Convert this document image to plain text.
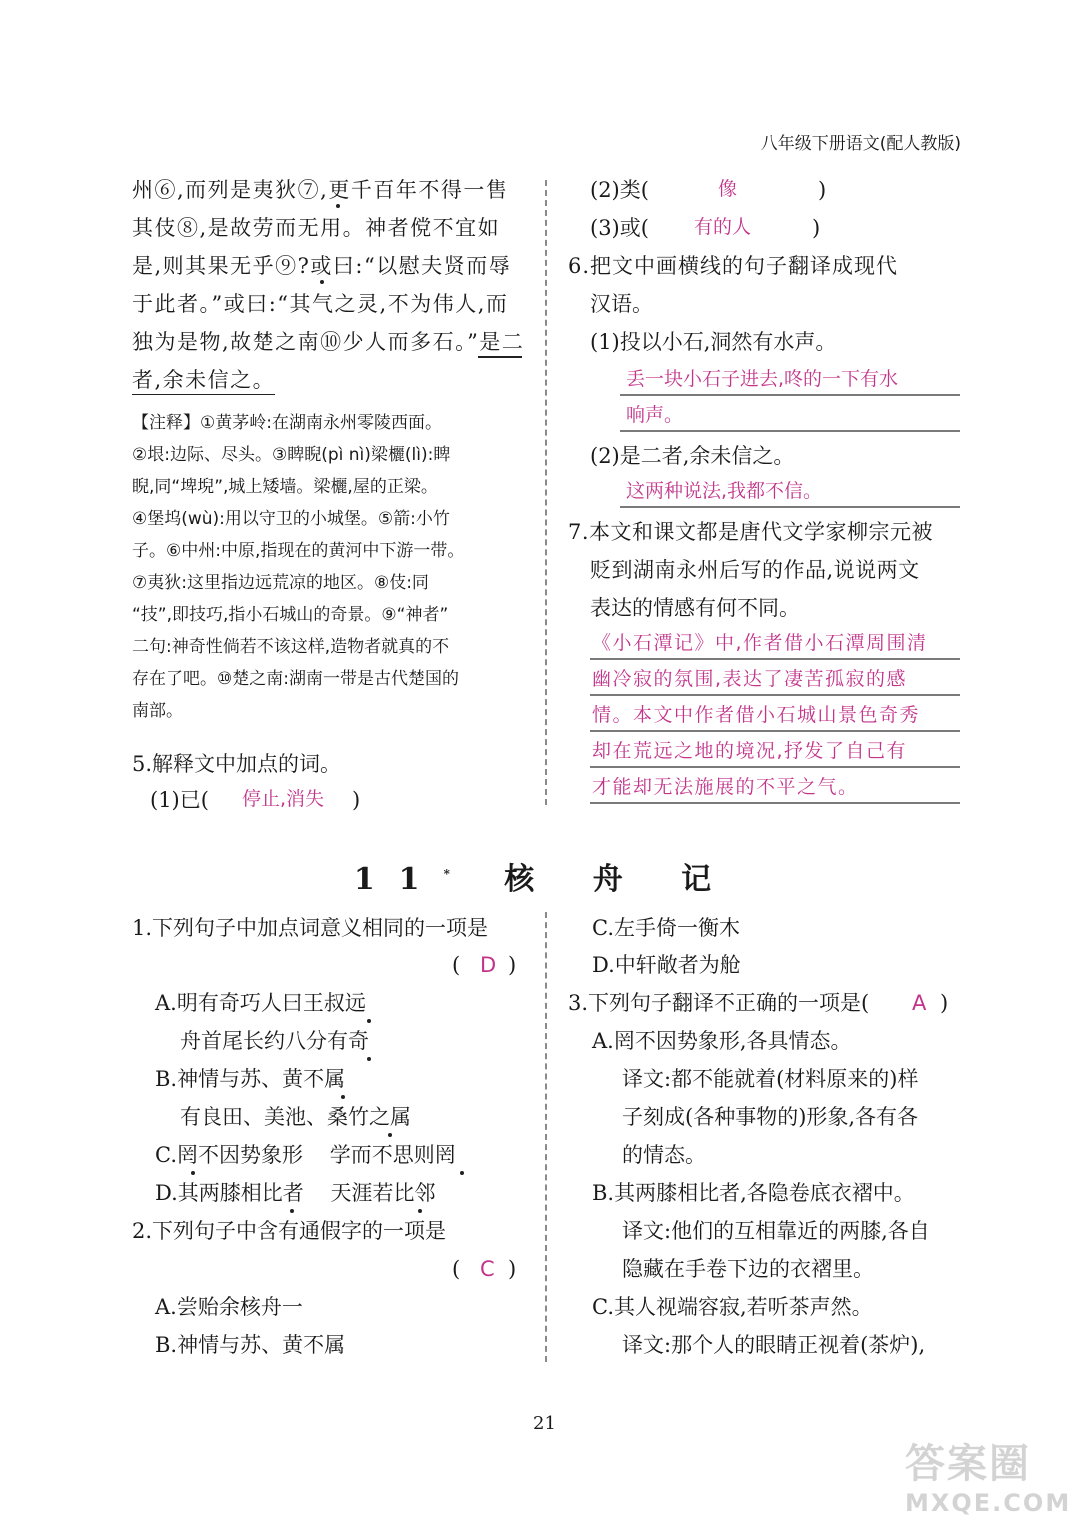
八年级下册语文(配人教版)
州⑥,而列是夷狄⑦,更千百年不得一售
其伎⑧,是故劳而无用。神者傥不宜如
是,则其果无乎⑨?或曰:“以慰夫贤而辱
于此者。”或曰:“其气之灵,不为伟人,而
独为是物,故楚之南⑩少人而多石。”是二
者,余未信之。
【注释】①黄茅岭:在湖南永州零陵西面。
②垠:边际、尽头。③睥睨(pì nì)梁欐(lì):睥
睨,同“埤堄”,城上矮墙。梁欐,屋的正梁。
④堡坞(wù):用以守卫的小城堡。⑤箭:小竹
子。⑥中州:中原,指现在的黄河中下游一带。
⑦夷狄:这里指边远荒凉的地区。⑧伎:同
“技”,即技巧,指小石城山的奇景。⑨“神者”
二句:神奇性倘若不该这样,造物者就真的不
存在了吧。⑩楚之南:湖南一带是古代楚国的
南部。
5.解释文中加点的词。
(1)已( 停止,消失 )
(2)类(	像	)
(3)或( 有的人	)
6.把文中画横线的句子翻译成现代
汉语。
(1)投以小石,洞然有水声。
丢一块小石子进去,咚的一下有水
响声。
(2)是二者,余未信之。
这两种说法,我都不信。
7.本文和课文都是唐代文学家柳宗元被
贬到湖南永州后写的作品,说说两文
表达的情感有何不同。
《小石潭记》中,作者借小石潭周围清
幽冷寂的氛围,表达了凄苦孤寂的感
情。本文中作者借小石城山景色奇秀
却在荒远之地的境况,抒发了自己有
才能却无法施展的不平之气。
11* 核 舟 记
1.下列句子中加点词意义相同的一项是
( D )
A.明有奇巧人曰王叔远
舟首尾长约八分有奇
B.神情与苏、黄不属
有良田、美池、桑竹之属
C.罔不因势象形    学而不思则罔
D.其两膝相比者    天涯若比邻
2.下列句子中含有通假字的一项是
( C )
A.尝贻余核舟一
B.神情与苏、黄不属
C.左手倚一衡木
D.中轩敞者为舱
3.下列句子翻译不正确的一项是( A )
A.罔不因势象形,各具情态。
译文:都不能就着(材料原来的)样
子刻成(各种事物的)形象,各有各
的情态。
B.其两膝相比者,各隐卷底衣褶中。
译文:他们的互相靠近的两膝,各自
隐藏在手卷下边的衣褶里。
C.其人视端容寂,若听茶声然。
译文:那个人的眼睛正视着(茶炉),
21
答案圈
MXQE.COM
